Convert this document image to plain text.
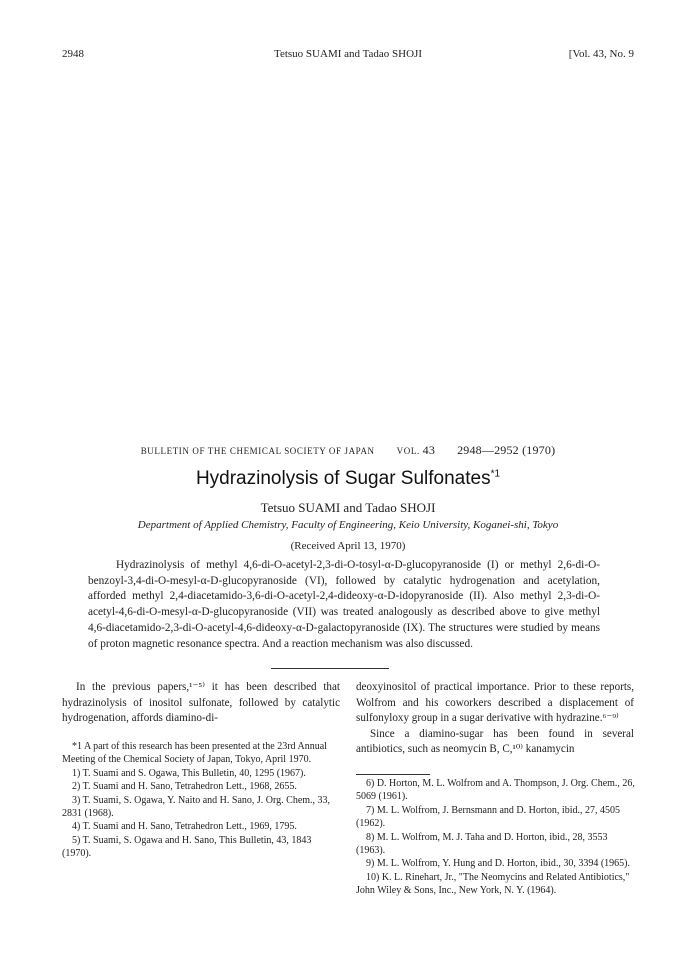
2948	Tetsuo SUAMI and Tadao SHOJI	[Vol. 43, No. 9
BULLETIN OF THE CHEMICAL SOCIETY OF JAPAN VOL. 43 2948—2952 (1970)
Hydrazinolysis of Sugar Sulfonates$^{*1}$
Tetsuo SUAMI and Tadao SHOJI
Department of Applied Chemistry, Faculty of Engineering, Keio University, Koganei-shi, Tokyo
(Received April 13, 1970)

Hydrazinolysis of methyl 4,6-di-O-acetyl-2,3-di-O-tosyl-α-D-glucopyranoside (I) or methyl 2,6-di-O-benzoyl-3,4-di-O-mesyl-α-D-glucopyranoside (VI), followed by catalytic hydrogenation and acetylation, afforded methyl 2,4-diacetamido-3,6-di-O-acetyl-2,4-dideoxy-α-D-idopyranoside (II). Also methyl 2,3-di-O-acetyl-4,6-di-O-mesyl-α-D-glucopyranoside (VII) was treated analogously as described above to give methyl 4,6-diacetamido-2,3-di-O-acetyl-4,6-dideoxy-α-D-galactopyranoside (IX). The structures were studied by means of proton magnetic resonance spectra. And a reaction mechanism was also discussed.

In the previous papers,¹⁻⁵⁾ it has been described that hydrazinolysis of inositol sulfonate, followed by catalytic hydrogenation, affords diamino-di-

*1 A part of this research has been presented at the 23rd Annual Meeting of the Chemical Society of Japan, Tokyo, April 1970.

1) T. Suami and S. Ogawa, This Bulletin, 40, 1295 (1967).

2) T. Suami and H. Sano, Tetrahedron Lett., 1968, 2655.

3) T. Suami, S. Ogawa, Y. Naito and H. Sano, J. Org. Chem., 33, 2831 (1968).

4) T. Suami and H. Sano, Tetrahedron Lett., 1969, 1795.

5) T. Suami, S. Ogawa and H. Sano, This Bulletin, 43, 1843 (1970).

deoxyinositol of practical importance. Prior to these reports, Wolfrom and his coworkers described a displacement of sulfonyloxy group in a sugar derivative with hydrazine.⁶⁻⁹⁾

Since a diamino-sugar has been found in several antibiotics, such as neomycin B, C,¹⁰⁾ kanamycin

6) D. Horton, M. L. Wolfrom and A. Thompson, J. Org. Chem., 26, 5069 (1961).

7) M. L. Wolfrom, J. Bernsmann and D. Horton, ibid., 27, 4505 (1962).

8) M. L. Wolfrom, M. J. Taha and D. Horton, ibid., 28, 3553 (1963).

9) M. L. Wolfrom, Y. Hung and D. Horton, ibid., 30, 3394 (1965).

10) K. L. Rinehart, Jr., "The Neomycins and Related Antibiotics," John Wiley & Sons, Inc., New York, N. Y. (1964).
